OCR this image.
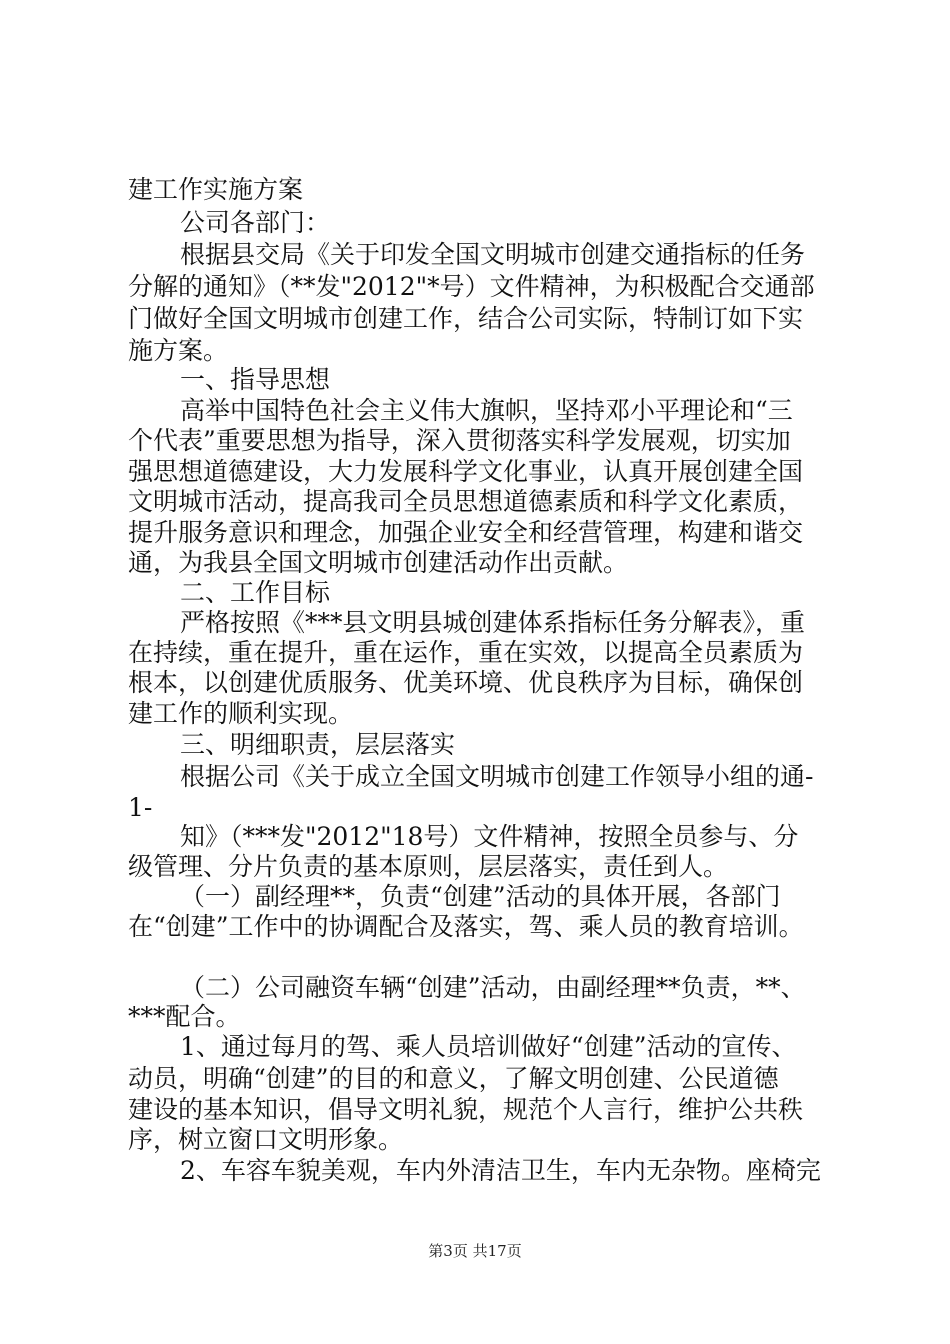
建工作实施方案
公司各部门：
根据县交局《关于印发全国文明城市创建交通指标的任务
分解的通知》（**发"2012"*号）文件精神，为积极配合交通部
门做好全国文明城市创建工作，结合公司实际，特制订如下实
施方案。
一、指导思想
高举中国特色社会主义伟大旗帜，坚持邓小平理论和“三
个代表”重要思想为指导，深入贯彻落实科学发展观，切实加
强思想道德建设，大力发展科学文化事业，认真开展创建全国
文明城市活动，提高我司全员思想道德素质和科学文化素质，
提升服务意识和理念，加强企业安全和经营管理，构建和谐交
通，为我县全国文明城市创建活动作出贡献。
二、工作目标
严格按照《***县文明县城创建体系指标任务分解表》，重
在持续，重在提升，重在运作，重在实效，以提高全员素质为
根本，以创建优质服务、优美环境、优良秩序为目标，确保创
建工作的顺利实现。
三、明细职责，层层落实
根据公司《关于成立全国文明城市创建工作领导小组的通-
1-
知》（***发"2012"18号）文件精神，按照全员参与、分
级管理、分片负责的基本原则，层层落实，责任到人。
（一）副经理**，负责“创建”活动的具体开展，各部门
在“创建”工作中的协调配合及落实，驾、乘人员的教育培训。
（二）公司融资车辆“创建”活动，由副经理**负责，**、
***配合。
1、通过每月的驾、乘人员培训做好“创建”活动的宣传、
动员，明确“创建”的目的和意义，了解文明创建、公民道德
建设的基本知识，倡导文明礼貌，规范个人言行，维护公共秩
序，树立窗口文明形象。
2、车容车貌美观，车内外清洁卫生，车内无杂物。座椅完
第3页 共17页
